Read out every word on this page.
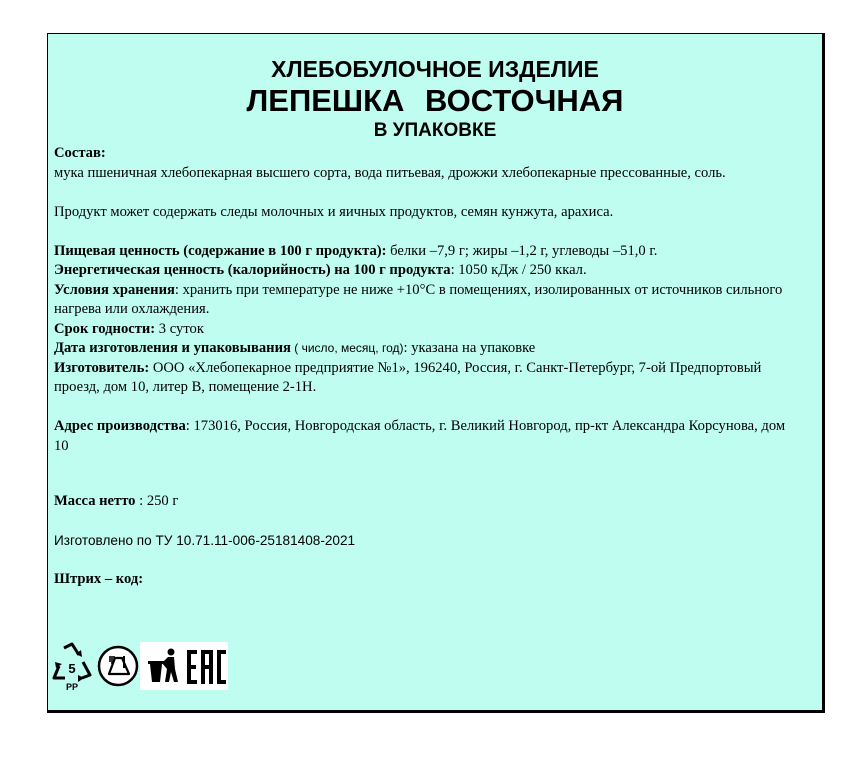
ХЛЕБОБУЛОЧНОЕ ИЗДЕЛИЕ
ЛЕПЕШКА ВОСТОЧНАЯ
В УПАКОВКЕ

Состав:

мука пшеничная хлебопекарная высшего сорта, вода питьевая, дрожжи хлебопекарные прессованные, соль.

Продукт может содержать следы молочных и яичных продуктов, семян кунжута, арахиса.

Пищевая ценность (содержание в 100 г продукта): белки –7,9 г; жиры –1,2 г, углеводы –51,0 г.

Энергетическая ценность (калорийность) на 100 г продукта: 1050 кДж / 250 ккал.

Условия хранения: хранить при температуре не ниже +10°С в помещениях, изолированных от источников сильного нагрева или охлаждения.

Срок годности: 3 суток

Дата изготовления и упаковывания ( число, месяц, год): указана на упаковке

Изготовитель: ООО «Хлебопекарное предприятие №1», 196240, Россия, г. Санкт-Петербург, 7-ой Предпортовый проезд, дом 10, литер В, помещение 2-1Н.

Адрес производства: 173016, Россия, Новгородская область, г. Великий Новгород, пр-кт Александра Корсунова, дом 10

Масса нетто : 250 г

Изготовлено по ТУ 10.71.11-006-25181408-2021

Штрих – код:

5
PP
